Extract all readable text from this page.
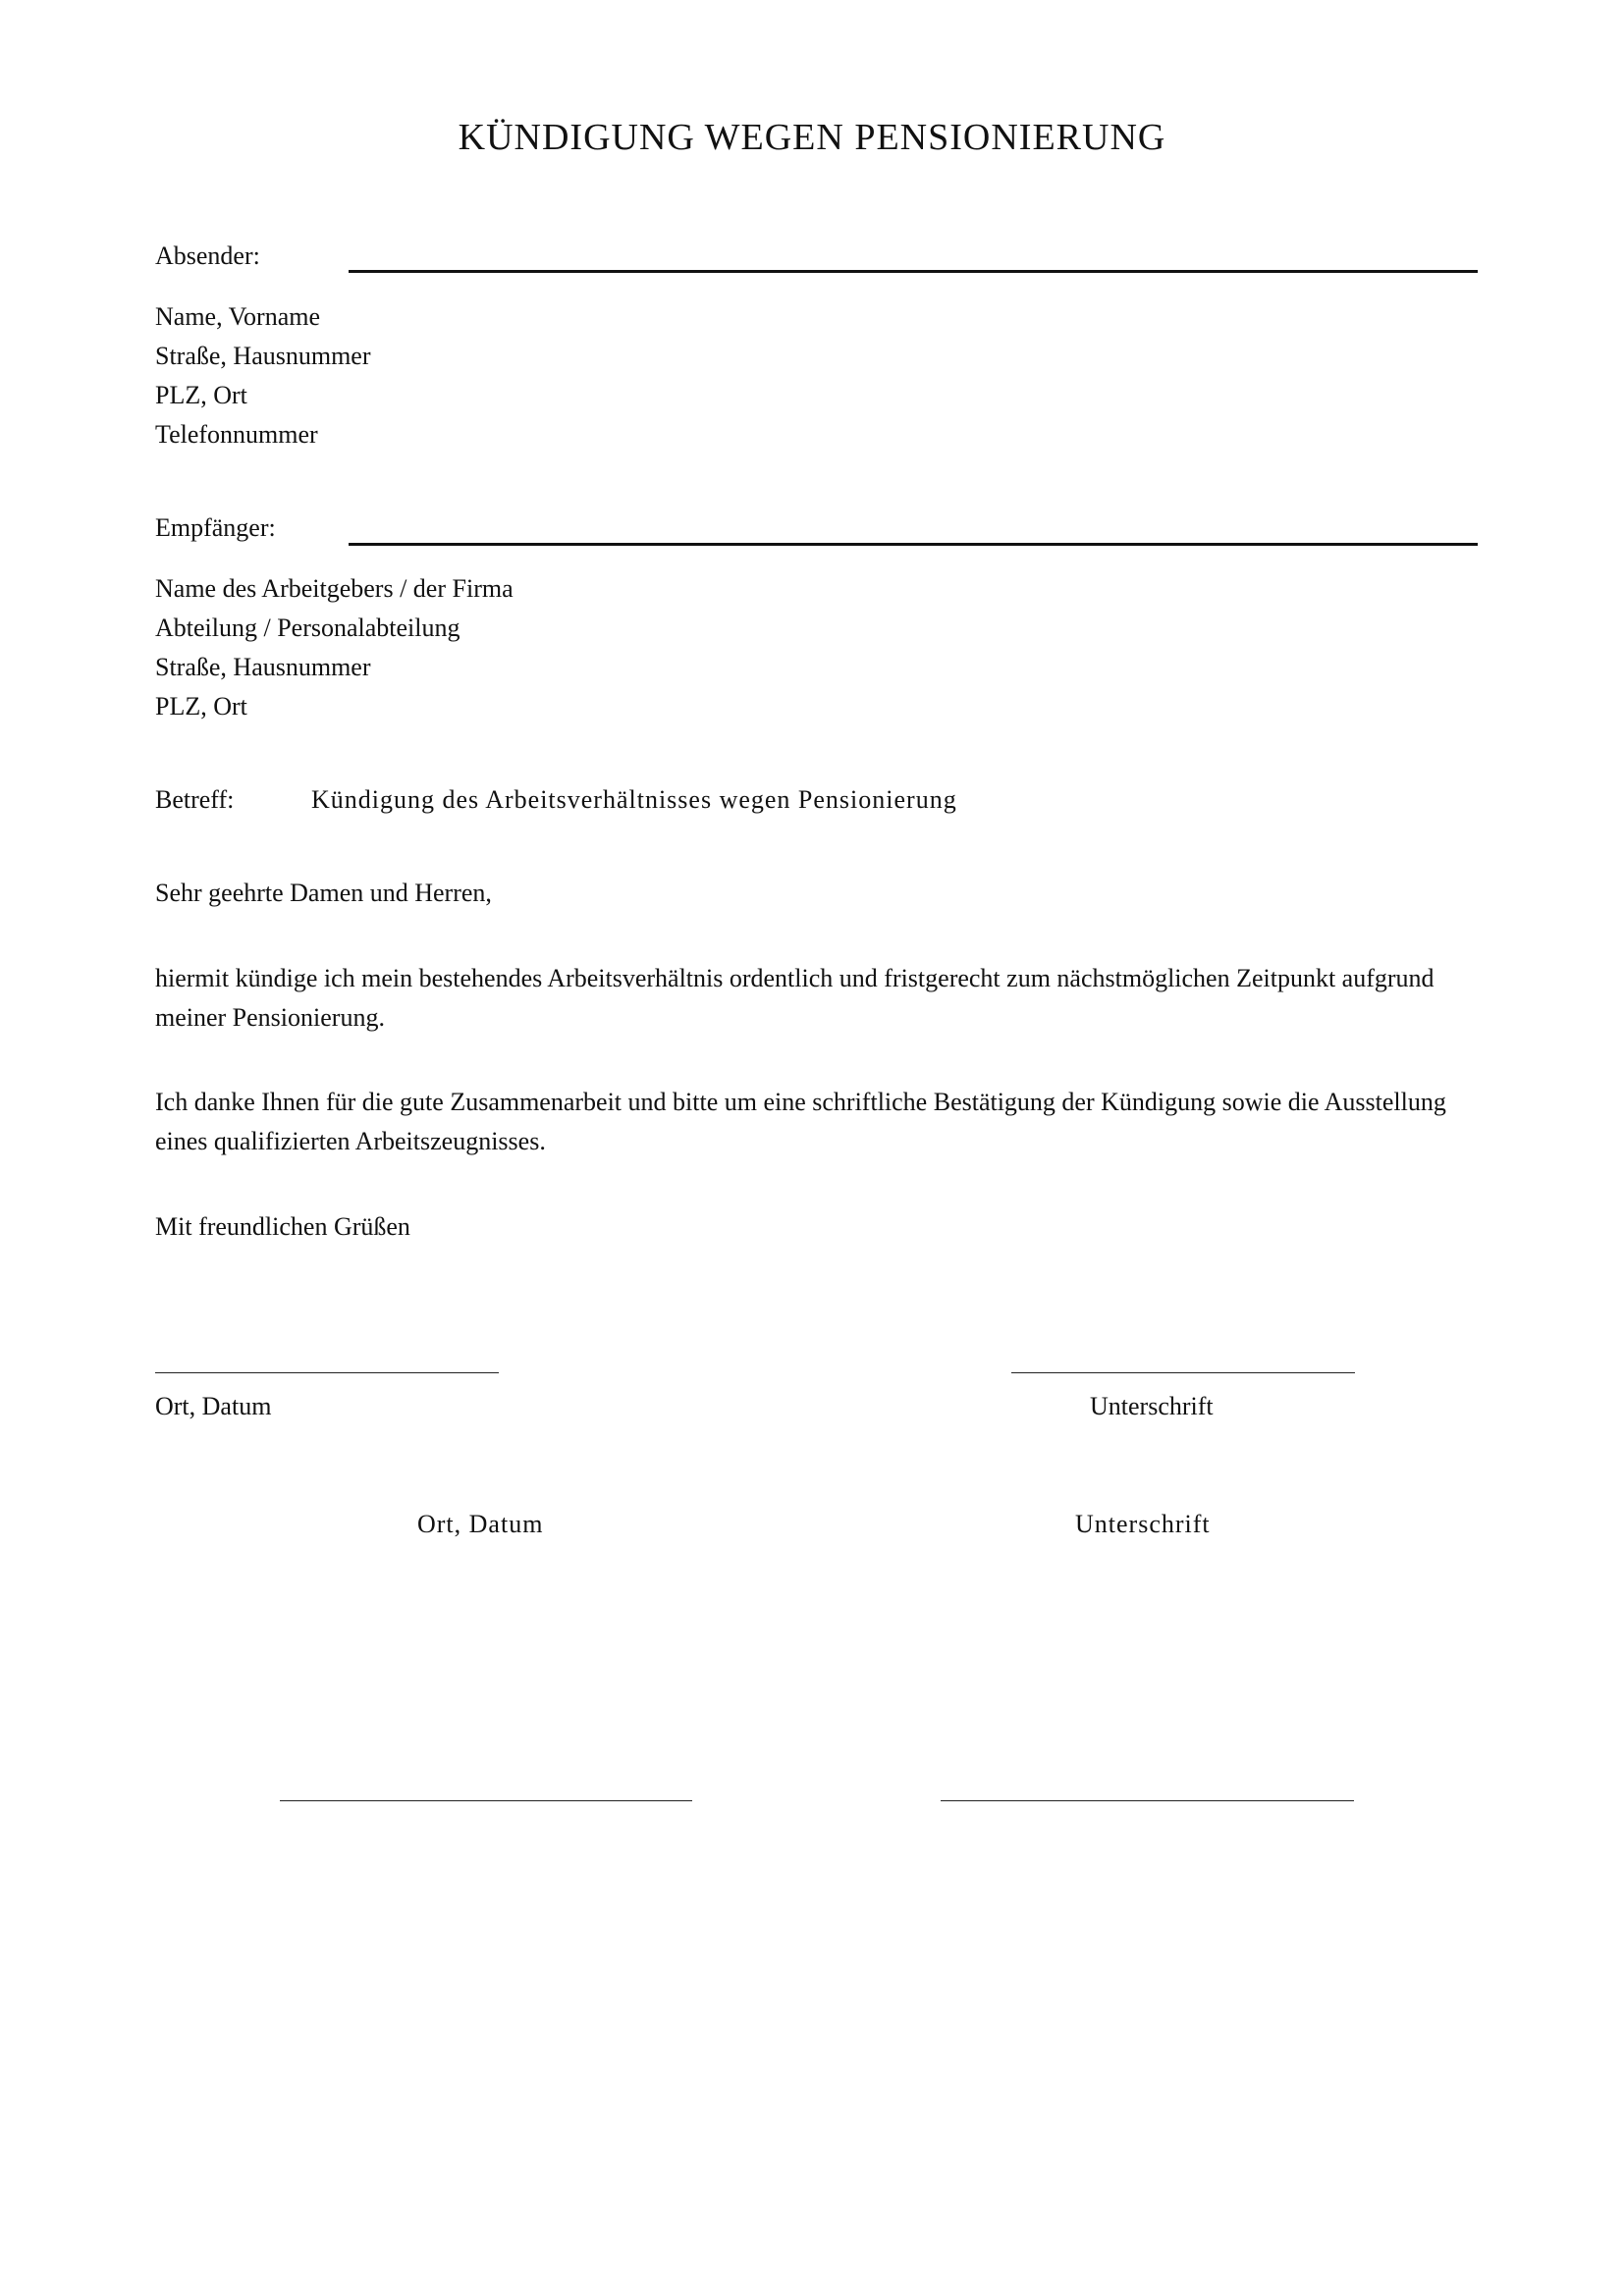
KÜNDIGUNG WEGEN PENSIONIERUNG
Absender:
Name, Vorname
Straße, Hausnummer
PLZ, Ort
Telefonnummer
Empfänger:
Name des Arbeitgebers / der Firma
Abteilung / Personalabteilung
Straße, Hausnummer
PLZ, Ort
Betreff:	Kündigung des Arbeitsverhältnisses wegen Pensionierung
Sehr geehrte Damen und Herren,
hiermit kündige ich mein bestehendes Arbeitsverhältnis ordentlich und fristgerecht zum nächstmöglichen Zeitpunkt aufgrund meiner Pensionierung.
Ich danke Ihnen für die gute Zusammenarbeit und bitte um eine schriftliche Bestätigung der Kündigung sowie die Ausstellung eines qualifizierten Arbeitszeugnisses.
Mit freundlichen Grüßen
Ort, Datum	Unterschrift
Ort, Datum	Unterschrift
